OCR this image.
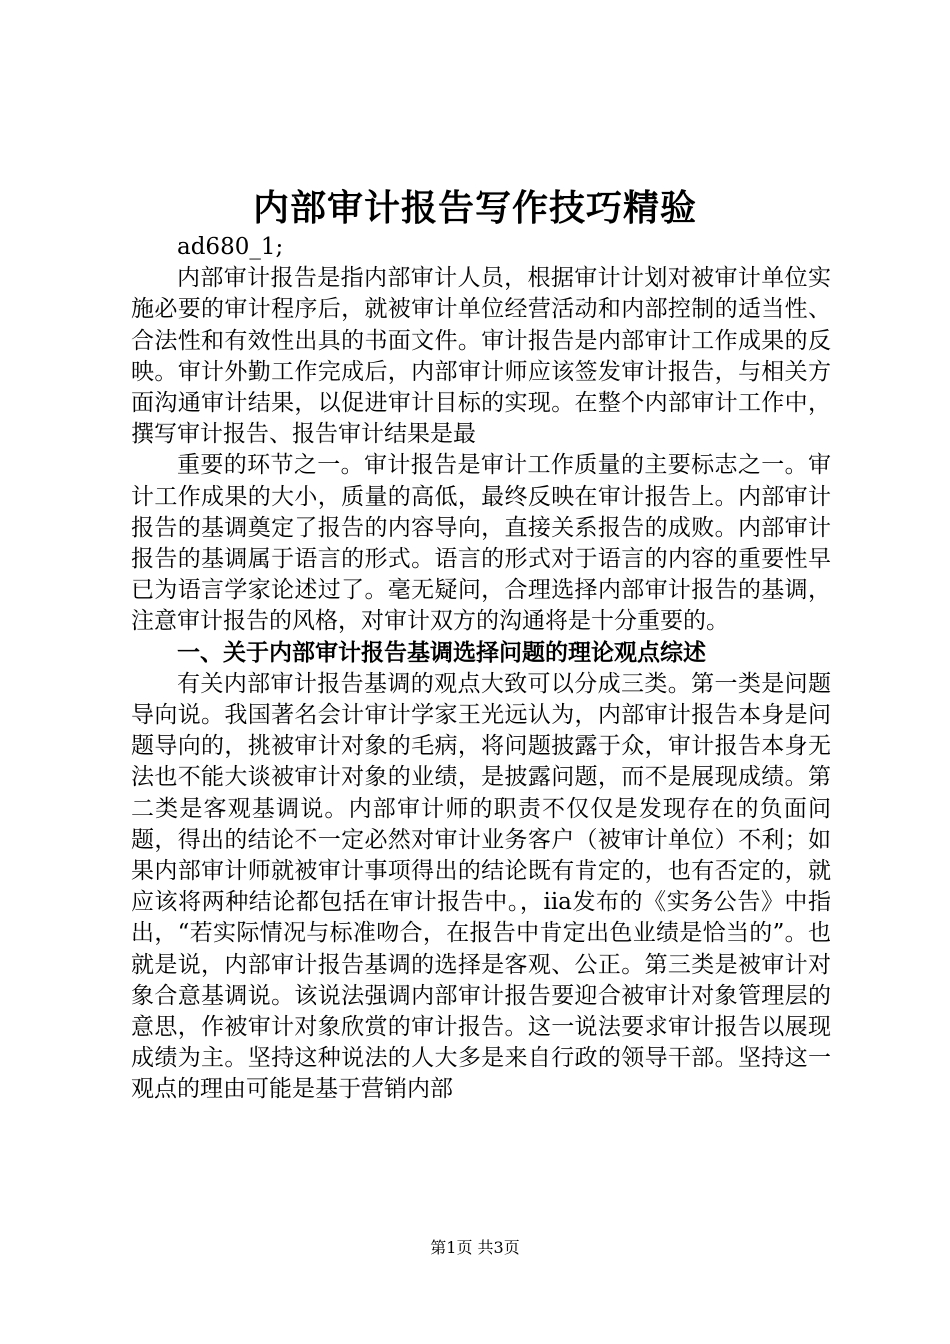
内部审计报告写作技巧精验

ad680_1;

内部审计报告是指内部审计人员，根据审计计划对被审计单位实施必要的审计程序后，就被审计单位经营活动和内部控制的适当性、合法性和有效性出具的书面文件。审计报告是内部审计工作成果的反映。审计外勤工作完成后，内部审计师应该签发审计报告，与相关方面沟通审计结果，以促进审计目标的实现。在整个内部审计工作中，撰写审计报告、报告审计结果是最

重要的环节之一。审计报告是审计工作质量的主要标志之一。审计工作成果的大小，质量的高低，最终反映在审计报告上。内部审计报告的基调奠定了报告的内容导向，直接关系报告的成败。内部审计报告的基调属于语言的形式。语言的形式对于语言的内容的重要性早已为语言学家论述过了。毫无疑问，合理选择内部审计报告的基调，注意审计报告的风格，对审计双方的沟通将是十分重要的。

一、关于内部审计报告基调选择问题的理论观点综述

有关内部审计报告基调的观点大致可以分成三类。第一类是问题导向说。我国著名会计审计学家王光远认为，内部审计报告本身是问题导向的，挑被审计对象的毛病，将问题披露于众，审计报告本身无法也不能大谈被审计对象的业绩，是披露问题，而不是展现成绩。第二类是客观基调说。内部审计师的职责不仅仅是发现存在的负面问题，得出的结论不一定必然对审计业务客户（被审计单位）不利；如果内部审计师就被审计事项得出的结论既有肯定的，也有否定的，就应该将两种结论都包括在审计报告中。，iia发布的《实务公告》中指出，“若实际情况与标准吻合，在报告中肯定出色业绩是恰当的”。也就是说，内部审计报告基调的选择是客观、公正。第三类是被审计对象合意基调说。该说法强调内部审计报告要迎合被审计对象管理层的意思，作被审计对象欣赏的审计报告。这一说法要求审计报告以展现成绩为主。坚持这种说法的人大多是来自行政的领导干部。坚持这一观点的理由可能是基于营销内部

第1页 共3页
